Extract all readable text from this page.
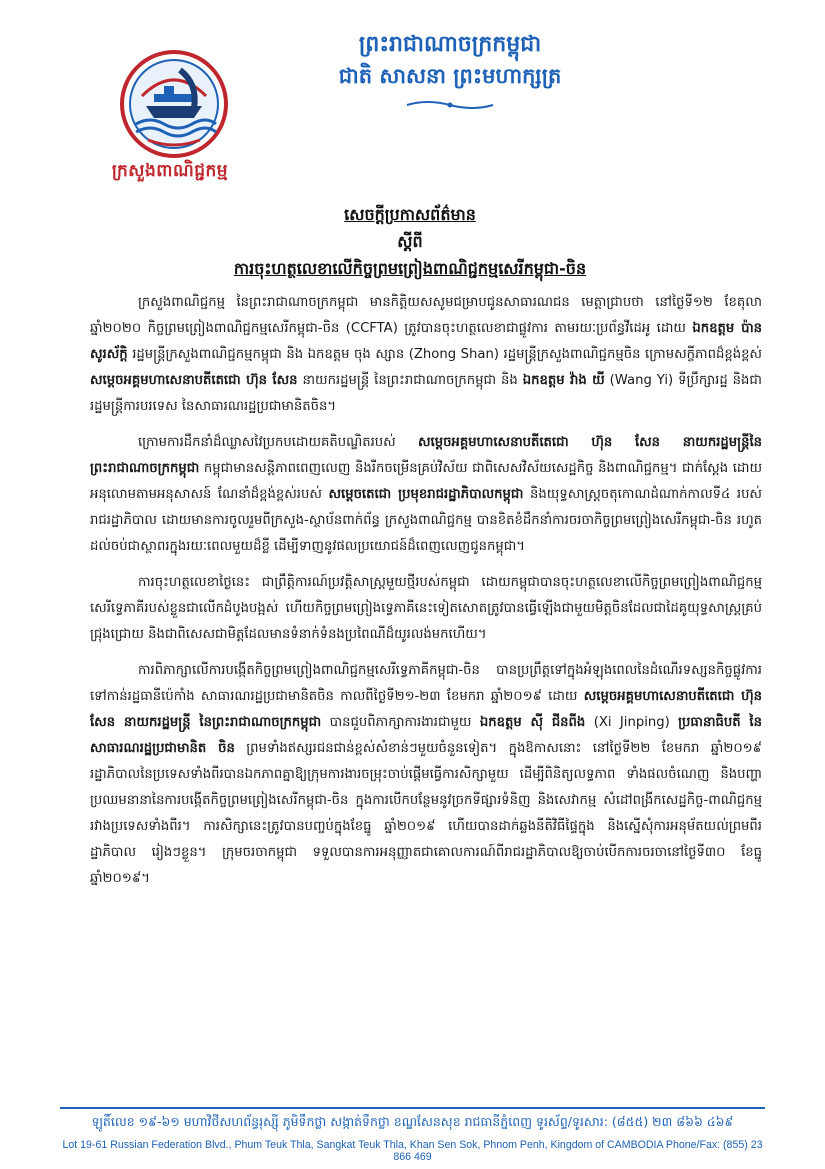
ក្រសួងពាណិជ្ជកម្ម
ព្រះរាជាណាចក្រកម្ពុជា
ជាតិ សាសនា ព្រះមហាក្សត្រ
សេចក្ដីប្រកាសព័ត៌មាន
ស្ដីពី
ការចុះហត្ថលេខាលើកិច្ចព្រមព្រៀងពាណិជ្ជកម្មសេរីកម្ពុជា-ចិន

ក្រសួងពាណិជ្ជកម្ម នៃព្រះរាជាណាចក្រកម្ពុជា មានកិត្តិយសសូមជម្រាបជូនសាធារណជន មេត្តាជ្រាបថា នៅថ្ងៃទី១២ ខែតុលា ឆ្នាំ២០២០ កិច្ចព្រមព្រៀងពាណិជ្ជកម្មសេរីកម្ពុជា-ចិន (CCFTA) ត្រូវបានចុះហត្ថលេខាជាផ្លូវការ តាមរយៈប្រព័ន្ធវីដេអូ ដោយ ឯកឧត្ដម ប៉ាន សូរស័ក្ដិ រដ្ឋមន្ដ្រីក្រសួងពាណិជ្ជកម្មកម្ពុជា និង ឯកឧត្ដម ចុង ស្សាន (Zhong Shan) រដ្ឋមន្ដ្រីក្រសួងពាណិជ្ជកម្មចិន ក្រោមសក្ខីភាពដ៏ខ្ពង់ខ្ពស់ សម្ដេចអគ្គមហាសេនាបតីតេជោ ហ៊ុន សែន នាយករដ្ឋមន្ដ្រី នៃព្រះរាជាណាចក្រកម្ពុជា និង ឯកឧត្ដម វ៉ាង យី (Wang Yi) ទីប្រឹក្សារដ្ឋ និងជារដ្ឋមន្ដ្រីការបរទេស នៃសាធារណរដ្ឋប្រជាមានិតចិន។

ក្រោមការដឹកនាំដ៏ឈ្លាសវៃប្រកបដោយគតិបណ្ឌិតរបស់ សម្ដេចអគ្គមហាសេនាបតីតេជោ ហ៊ុន សែន នាយករដ្ឋមន្ដ្រីនៃព្រះរាជាណាចក្រកម្ពុជា កម្ពុជាមានសន្ដិភាពពេញលេញ និងរីកចម្រើនគ្រប់វិស័យ ជាពិសេសវិស័យសេដ្ឋកិច្ច និងពាណិជ្ជកម្ម។ ជាក់ស្ដែង ដោយអនុលោមតាមអនុសាសន៍ ណែនាំដ៏ខ្ពង់ខ្ពស់របស់ សម្ដេចតេជោ ប្រមុខរាជរដ្ឋាភិបាលកម្ពុជា និងយុទ្ធសាស្ដ្រចតុកោណដំណាក់កាលទី៤ របស់រាជរដ្ឋាភិបាល ដោយមានការចូលរួមពីក្រសួង-ស្ថាប័នពាក់ព័ន្ធ ក្រសួងពាណិជ្ជកម្ម បានខិតខំដឹកនាំការចរចាកិច្ចព្រមព្រៀងសេរីកម្ពុជា-ចិន រហូតដល់ចប់ជាស្ថាពរក្នុងរយៈពេលមួយដ៏ខ្លី ដើម្បីទាញនូវផលប្រយោជន៍ដ៏ពេញលេញជូនកម្ពុជា។

ការចុះហត្ថលេខាថ្ងៃនេះ ជាព្រឹត្តិការណ៍ប្រវត្តិសាស្ដ្រមួយថ្មីរបស់កម្ពុជា ដោយកម្ពុជាបានចុះហត្ថលេខាលើកិច្ចព្រមព្រៀងពាណិជ្ជកម្មសេរីទ្វេភាគីរបស់ខ្លួនជាលើកដំបូងបង្អស់ ហើយកិច្ចព្រមព្រៀងទ្វេភាគីនេះទៀតសោតត្រូវបានធ្វើឡើងជាមួយមិត្តចិនដែលជាដៃគូយុទ្ធសាស្ដ្រគ្រប់ជ្រុងជ្រោយ និងជាពិសេសជាមិត្តដែលមានទំនាក់ទំនងប្រពៃណីដ៏យូរលង់មកហើយ។

ការពិភាក្សាលើការបង្កើតកិច្ចព្រមព្រៀងពាណិជ្ជកម្មសេរីទ្វេភាគីកម្ពុជា-ចិន បានប្រព្រឹត្ដទៅក្នុងអំឡុងពេលនៃដំណើរទស្សនកិច្ចផ្លូវការទៅកាន់រដ្ឋធានីប៉េកាំង សាធារណរដ្ឋប្រជាមានិតចិន កាលពីថ្ងៃទី២១-២៣ ខែមករា ឆ្នាំ២០១៩ ដោយ សម្ដេចអគ្គមហាសេនាបតីតេជោ ហ៊ុន សែន នាយករដ្ឋមន្ដ្រី នៃព្រះរាជាណាចក្រកម្ពុជា បានជួបពិភាក្សាការងារជាមួយ ឯកឧត្ដម ស៊ី ជីនពីង (Xi Jinping) ប្រធានាធិបតី នៃសាធារណរដ្ឋប្រជាមានិត ចិន ព្រមទាំងឥស្សរជនជាន់ខ្ពស់សំខាន់ៗមួយចំនួនទៀត។ ក្នុងឱកាសនោះ នៅថ្ងៃទី២២ ខែមករា ឆ្នាំ២០១៩ រដ្ឋាភិបាលនៃប្រទេសទាំងពីរបានឯកភាពគ្នាឱ្យក្រុមការងារចម្រុះចាប់ផ្ដើមធ្វើការសិក្សាមួយ ដើម្បីពិនិត្យលទ្ធភាព ទាំងផលចំណេញ និងបញ្ហាប្រឈមនានានៃការបង្កើតកិច្ចព្រមព្រៀងសេរីកម្ពុជា-ចិន ក្នុងការបើកបន្ថែមនូវច្រកទីផ្សារទំនិញ និងសេវាកម្ម សំដៅពង្រីកសេដ្ឋកិច្ច-ពាណិជ្ជកម្មរវាងប្រទេសទាំងពីរ។ ការសិក្សានេះត្រូវបានបញ្ចប់ក្នុងខែធ្នូ ឆ្នាំ២០១៩ ហើយបានដាក់ឆ្លងនីតិវិធីផ្ទៃក្នុង និងស្នើសុំការអនុម័តយល់ព្រមពីរដ្ឋាភិបាល រៀងៗខ្លួន។ ក្រុមចរចាកម្ពុជា ទទួលបានការអនុញ្ញាតជាគោលការណ៍ពីរាជរដ្ឋាភិបាលឱ្យចាប់បើកការចរចានៅថ្ងៃទី៣០ ខែធ្នូ ឆ្នាំ២០១៩។

ឡូតិ៍លេខ ១៩-៦១ មហាវិថីសហព័ន្ធរុស្ស៊ី ភូមិទឹកថ្លា សង្កាត់ទឹកថ្លា ខណ្ឌសែនសុខ រាជធានីភ្នំពេញ ទូរស័ព្ទ/ទូរសារ: (៨៥៥) ២៣ ៨៦៦ ៤៦៩
Lot 19-61 Russian Federation Blvd., Phum Teuk Thla, Sangkat Teuk Thla, Khan Sen Sok, Phnom Penh, Kingdom of CAMBODIA Phone/Fax: (855) 23 866 469
